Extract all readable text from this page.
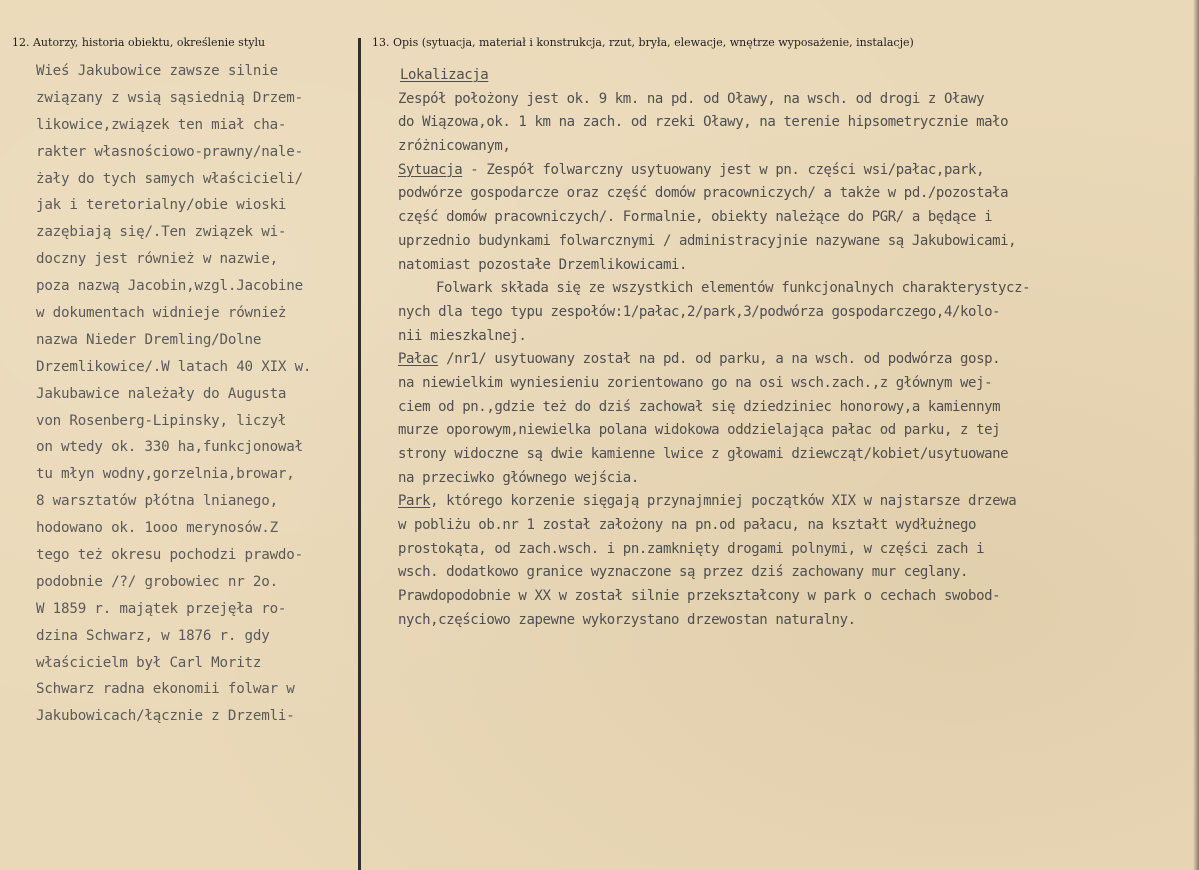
12. Autorzy, historia obiektu, określenie stylu	13. Opis (sytuacja, materiał i konstrukcja, rzut, bryła, elewacje, wnętrze wyposażenie, instalacje)
Wieś Jakubowice zawsze silnie
związany z wsią sąsiednią Drzem-
likowice,związek ten miał cha-
rakter własnościowo-prawny/nale-
żały do tych samych właścicieli/
jak i teretorialny/obie wioski
zazębiają się/.Ten związek wi-
doczny jest również w nazwie,
poza nazwą Jacobin,wzgl.Jacobine
w dokumentach widnieje również
nazwa Nieder Dremling/Dolne
Drzemlikowice/.W latach 40 XIX w.
Jakubawice należały do Augusta
von Rosenberg-Lipinsky, liczył
on wtedy ok. 330 ha,funkcjonował
tu młyn wodny,gorzelnia,browar,
8 warsztatów płótna lnianego,
hodowano ok. 1ooo merynosów.Z
tego też okresu pochodzi prawdo-
podobnie /?/ grobowiec nr 2o.
W 1859 r. majątek przejęła ro-
dzina Schwarz, w 1876 r. gdy
właścicielm był Carl Moritz
Schwarz radna ekonomii folwar w
Jakubowicach/łącznie z Drzemli-
Lokalizacja
Zespół położony jest ok. 9 km. na pd. od Oławy, na wsch. od drogi z Oławy
do Wiązowa,ok. 1 km na zach. od rzeki Oławy, na terenie hipsometrycznie mało
zróżnicowanym,
Sytuacja - Zespół folwarczny usytuowany jest w pn. części wsi/pałac,park,
podwórze gospodarcze oraz część domów pracowniczych/ a także w pd./pozostała
część domów pracowniczych/. Formalnie, obiekty należące do PGR/ a będące i
uprzednio budynkami folwarcznymi / administracyjnie nazywane są Jakubowicami,
natomiast pozostałe Drzemlikowicami.
Folwark składa się ze wszystkich elementów funkcjonalnych charakterystycz-
nych dla tego typu zespołów:1/pałac,2/park,3/podwórza gospodarczego,4/kolo-
nii mieszkalnej.
Pałac /nr1/ usytuowany został na pd. od parku, a na wsch. od podwórza gosp.
na niewielkim wyniesieniu zorientowano go na osi wsch.zach.,z głównym wej-
ciem od pn.,gdzie też do dziś zachował się dziedziniec honorowy,a kamiennym
murze oporowym,niewielka polana widokowa oddzielająca pałac od parku, z tej
strony widoczne są dwie kamienne lwice z głowami dziewcząt/kobiet/usytuowane
na przeciwko głównego wejścia.
Park, którego korzenie sięgają przynajmniej początków XIX w najstarsze drzewa
w pobliżu ob.nr 1 został założony na pn.od pałacu, na kształt wydłużnego
prostokąta, od zach.wsch. i pn.zamknięty drogami polnymi, w części zach i
wsch. dodatkowo granice wyznaczone są przez dziś zachowany mur ceglany.
Prawdopodobnie w XX w został silnie przekształcony w park o cechach swobod-
nych,częściowo zapewne wykorzystano drzewostan naturalny.
